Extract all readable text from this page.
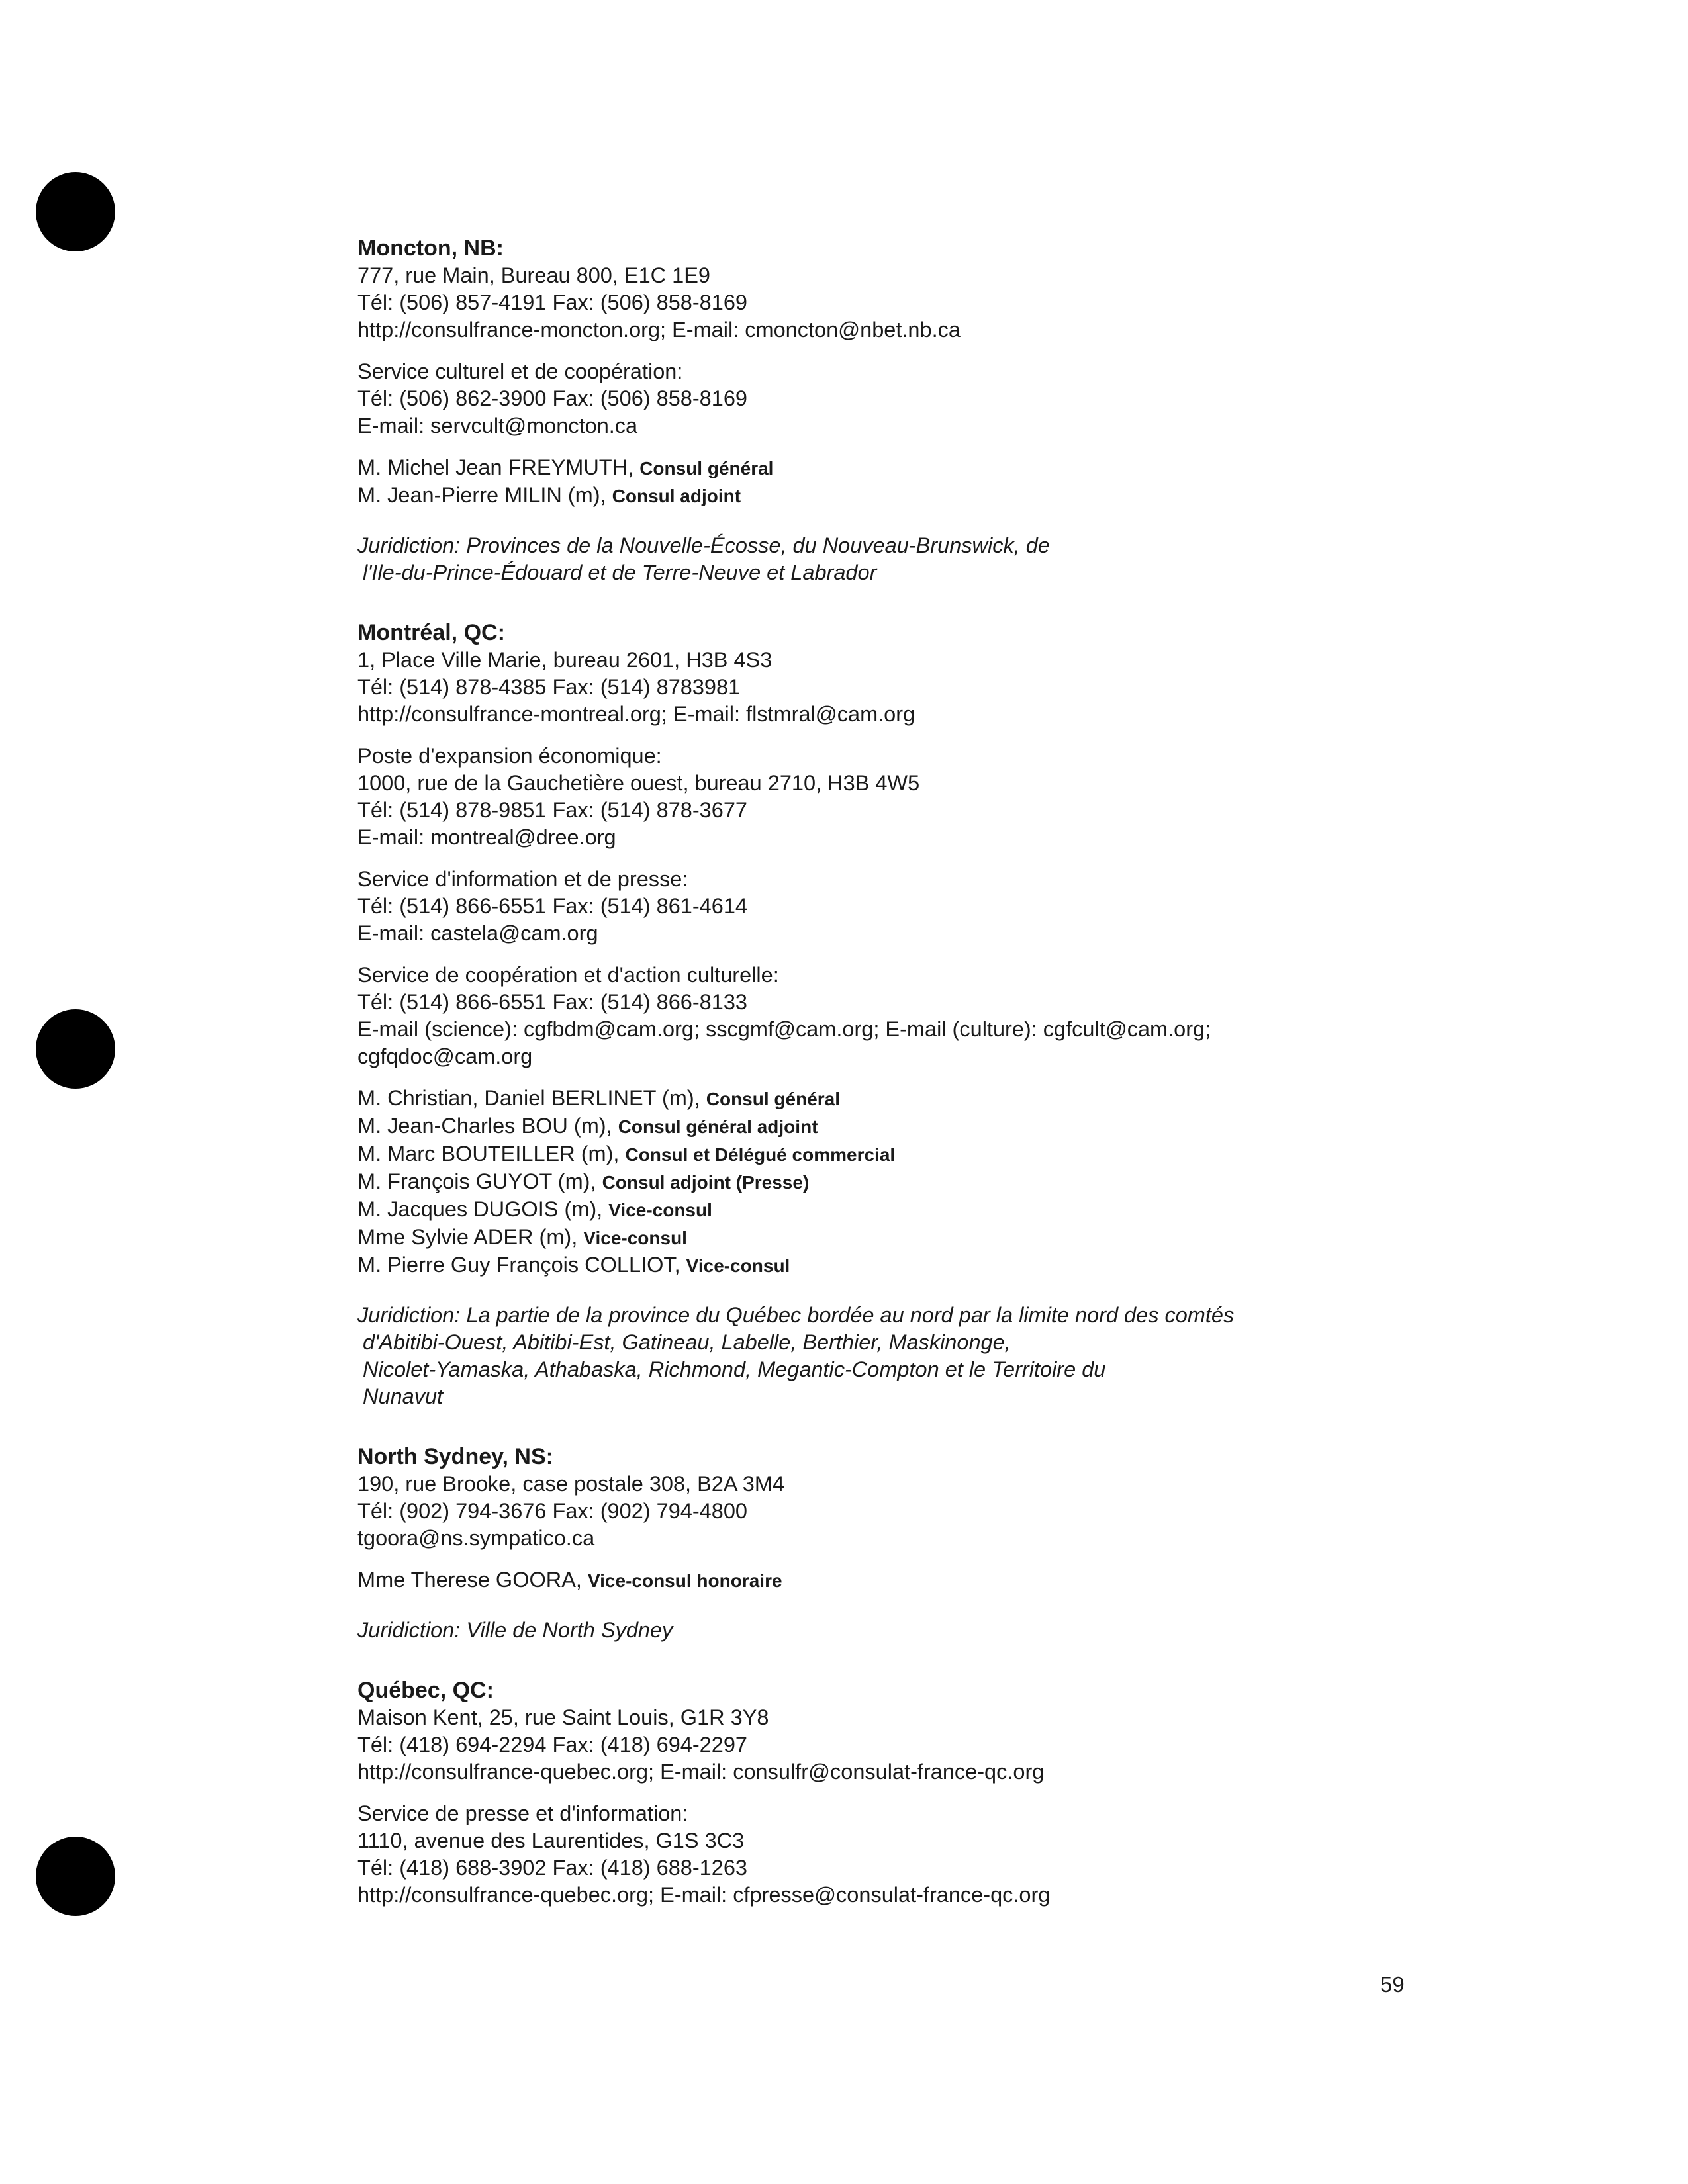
Moncton, NB:
777, rue Main, Bureau 800, E1C 1E9
Tél: (506) 857-4191 Fax: (506) 858-8169
http://consulfrance-moncton.org; E-mail: cmoncton@nbet.nb.ca
Service culturel et de coopération:
Tél: (506) 862-3900 Fax: (506) 858-8169
E-mail: servcult@moncton.ca
M. Michel Jean FREYMUTH, Consul général
M. Jean-Pierre MILIN (m), Consul adjoint
Juridiction: Provinces de la Nouvelle-Écosse, du Nouveau-Brunswick, de
l'Ile-du-Prince-Édouard et de Terre-Neuve et Labrador
Montréal, QC:
1, Place Ville Marie, bureau 2601, H3B 4S3
Tél: (514) 878-4385 Fax: (514) 8783981
http://consulfrance-montreal.org; E-mail: flstmral@cam.org
Poste d'expansion économique:
1000, rue de la Gauchetière ouest, bureau 2710, H3B 4W5
Tél: (514) 878-9851 Fax: (514) 878-3677
E-mail: montreal@dree.org
Service d'information et de presse:
Tél: (514) 866-6551 Fax: (514) 861-4614
E-mail: castela@cam.org
Service de coopération et d'action culturelle:
Tél: (514) 866-6551 Fax: (514) 866-8133
E-mail (science): cgfbdm@cam.org; sscgmf@cam.org; E-mail (culture): cgfcult@cam.org;
cgfqdoc@cam.org
M. Christian, Daniel BERLINET (m), Consul général
M. Jean-Charles BOU (m), Consul général adjoint
M. Marc BOUTEILLER (m), Consul et Délégué commercial
M. François GUYOT (m), Consul adjoint (Presse)
M. Jacques DUGOIS (m), Vice-consul
Mme Sylvie ADER (m), Vice-consul
M. Pierre Guy François COLLIOT, Vice-consul
Juridiction: La partie de la province du Québec bordée au nord par la limite nord des comtés
d'Abitibi-Ouest, Abitibi-Est, Gatineau, Labelle, Berthier, Maskinonge,
Nicolet-Yamaska, Athabaska, Richmond, Megantic-Compton et le Territoire du
Nunavut
North Sydney, NS:
190, rue Brooke, case postale 308, B2A 3M4
Tél: (902) 794-3676 Fax: (902) 794-4800
tgoora@ns.sympatico.ca
Mme Therese GOORA, Vice-consul honoraire
Juridiction: Ville de North Sydney
Québec, QC:
Maison Kent, 25, rue Saint Louis, G1R 3Y8
Tél: (418) 694-2294 Fax: (418) 694-2297
http://consulfrance-quebec.org; E-mail: consulfr@consulat-france-qc.org
Service de presse et d'information:
1110, avenue des Laurentides, G1S 3C3
Tél: (418) 688-3902 Fax: (418) 688-1263
http://consulfrance-quebec.org; E-mail: cfpresse@consulat-france-qc.org
59
